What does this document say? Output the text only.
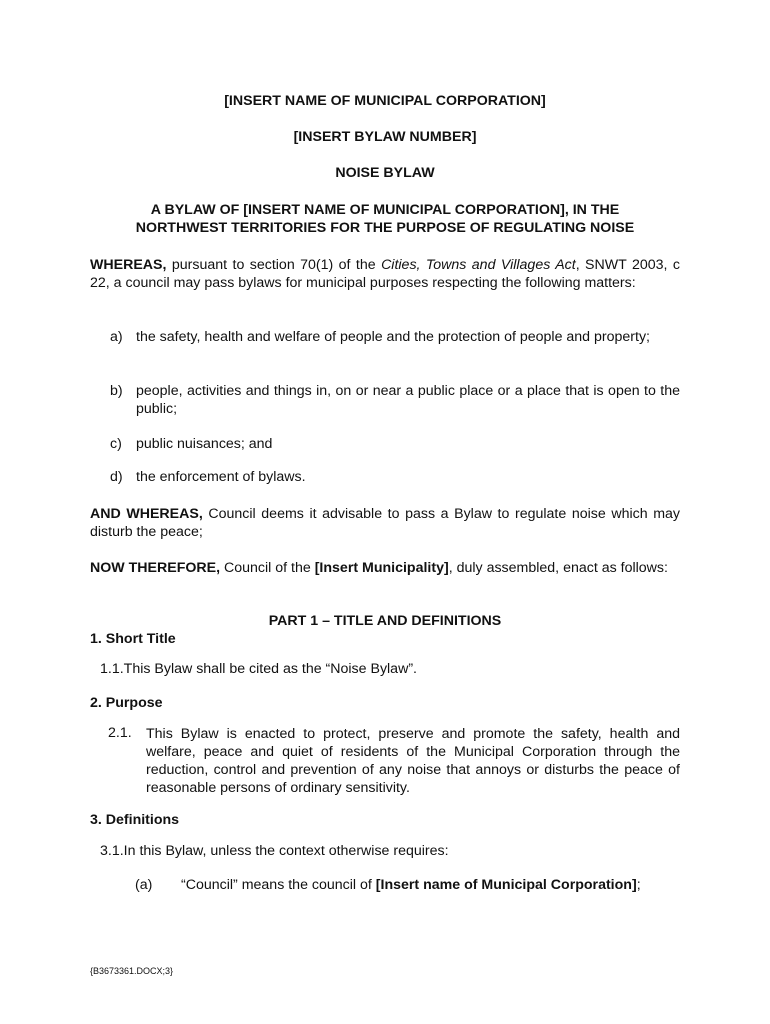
[INSERT NAME OF MUNICIPAL CORPORATION]
[INSERT BYLAW NUMBER]
NOISE BYLAW
A BYLAW OF [INSERT NAME OF MUNICIPAL CORPORATION], IN THE
NORTHWEST TERRITORIES FOR THE PURPOSE OF REGULATING NOISE
WHEREAS, pursuant to section 70(1) of the Cities, Towns and Villages Act, SNWT 2003, c 22, a council may pass bylaws for municipal purposes respecting the following matters:
a) the safety, health and welfare of people and the protection of people and property;
b) people, activities and things in, on or near a public place or a place that is open to the public;
c) public nuisances; and
d) the enforcement of bylaws.
AND WHEREAS, Council deems it advisable to pass a Bylaw to regulate noise which may disturb the peace;
NOW THEREFORE, Council of the [Insert Municipality], duly assembled, enact as follows:
PART 1 – TITLE AND DEFINITIONS
1. Short Title
1.1.This Bylaw shall be cited as the “Noise Bylaw”.
2. Purpose
2.1. This Bylaw is enacted to protect, preserve and promote the safety, health and welfare, peace and quiet of residents of the Municipal Corporation through the reduction, control and prevention of any noise that annoys or disturbs the peace of reasonable persons of ordinary sensitivity.
3. Definitions
3.1.In this Bylaw, unless the context otherwise requires:
(a) “Council” means the council of [Insert name of Municipal Corporation];
{B3673361.DOCX;3}
